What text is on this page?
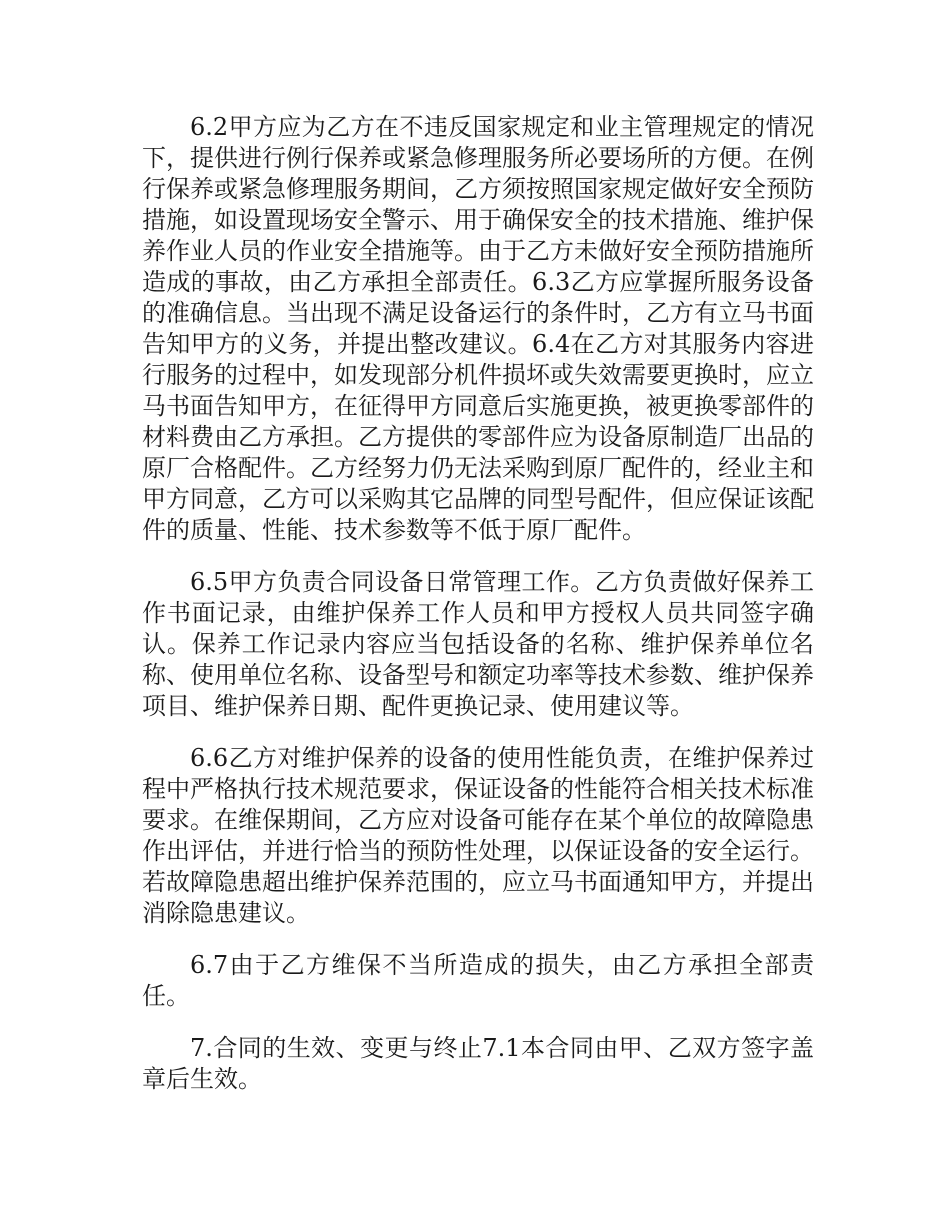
6.2甲方应为乙方在不违反国家规定和业主管理规定的情况下，提供进行例行保养或紧急修理服务所必要场所的方便。在例行保养或紧急修理服务期间，乙方须按照国家规定做好安全预防措施，如设置现场安全警示、用于确保安全的技术措施、维护保养作业人员的作业安全措施等。由于乙方未做好安全预防措施所造成的事故，由乙方承担全部责任。6.3乙方应掌握所服务设备的准确信息。当出现不满足设备运行的条件时，乙方有立马书面告知甲方的义务，并提出整改建议。6.4在乙方对其服务内容进行服务的过程中，如发现部分机件损坏或失效需要更换时，应立马书面告知甲方，在征得甲方同意后实施更换，被更换零部件的材料费由乙方承担。乙方提供的零部件应为设备原制造厂出品的原厂合格配件。乙方经努力仍无法采购到原厂配件的，经业主和甲方同意，乙方可以采购其它品牌的同型号配件，但应保证该配件的质量、性能、技术参数等不低于原厂配件。

6.5甲方负责合同设备日常管理工作。乙方负责做好保养工作书面记录，由维护保养工作人员和甲方授权人员共同签字确认。保养工作记录内容应当包括设备的名称、维护保养单位名称、使用单位名称、设备型号和额定功率等技术参数、维护保养项目、维护保养日期、配件更换记录、使用建议等。

6.6乙方对维护保养的设备的使用性能负责，在维护保养过程中严格执行技术规范要求，保证设备的性能符合相关技术标准要求。在维保期间，乙方应对设备可能存在某个单位的故障隐患作出评估，并进行恰当的预防性处理，以保证设备的安全运行。若故障隐患超出维护保养范围的，应立马书面通知甲方，并提出消除隐患建议。

6.7由于乙方维保不当所造成的损失，由乙方承担全部责任。

7.合同的生效、变更与终止7.1本合同由甲、乙双方签字盖章后生效。
